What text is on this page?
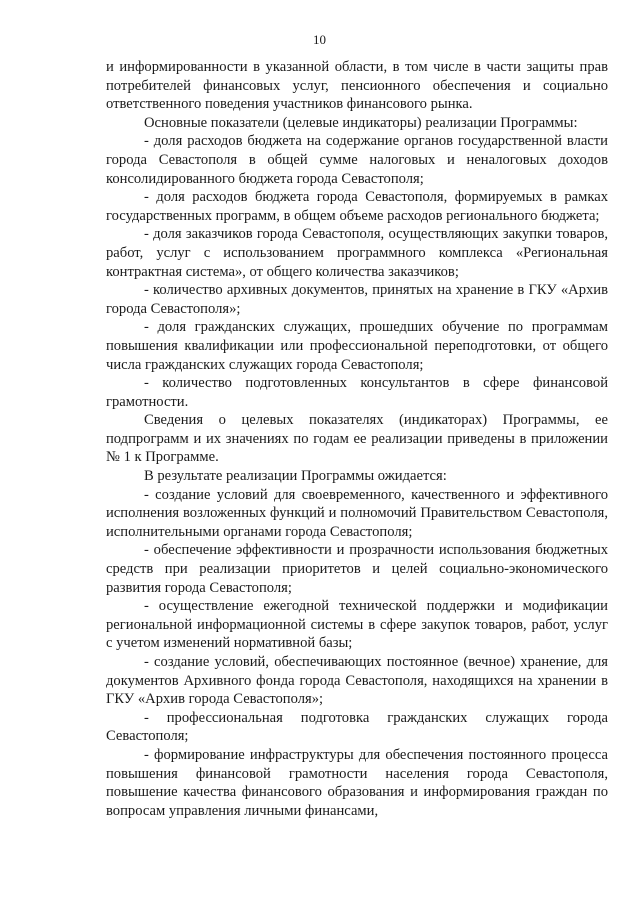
10

и информированности в указанной области, в том числе в части защиты прав потребителей финансовых услуг, пенсионного обеспечения и социально ответственного поведения участников финансового рынка.

Основные показатели (целевые индикаторы) реализации Программы:

- доля расходов бюджета на содержание органов государственной власти города Севастополя в общей сумме налоговых и неналоговых доходов консолидированного бюджета города Севастополя;

- доля расходов бюджета города Севастополя, формируемых в рамках государственных программ, в общем объеме расходов регионального бюджета;

- доля заказчиков города Севастополя, осуществляющих закупки товаров, работ, услуг с использованием программного комплекса «Региональная контрактная система», от общего количества заказчиков;

- количество архивных документов, принятых на хранение в ГКУ «Архив города Севастополя»;

- доля гражданских служащих, прошедших обучение по программам повышения квалификации или профессиональной переподготовки, от общего числа гражданских служащих города Севастополя;

- количество подготовленных консультантов в сфере финансовой грамотности.

Сведения о целевых показателях (индикаторах) Программы, ее подпрограмм и их значениях по годам ее реализации приведены в приложении № 1 к Программе.

В результате реализации Программы ожидается:

- создание условий для своевременного, качественного и эффективного исполнения возложенных функций и полномочий Правительством Севастополя, исполнительными органами города Севастополя;

- обеспечение эффективности и прозрачности использования бюджетных средств при реализации приоритетов и целей социально-экономического развития города Севастополя;

- осуществление ежегодной технической поддержки и модификации региональной информационной системы в сфере закупок товаров, работ, услуг с учетом изменений нормативной базы;

- создание условий, обеспечивающих постоянное (вечное) хранение, для документов Архивного фонда города Севастополя, находящихся на хранении в ГКУ «Архив города Севастополя»;

- профессиональная подготовка гражданских служащих города Севастополя;

- формирование инфраструктуры для обеспечения постоянного процесса повышения финансовой грамотности населения города Севастополя, повышение качества финансового образования и информирования граждан по вопросам управления личными финансами,
